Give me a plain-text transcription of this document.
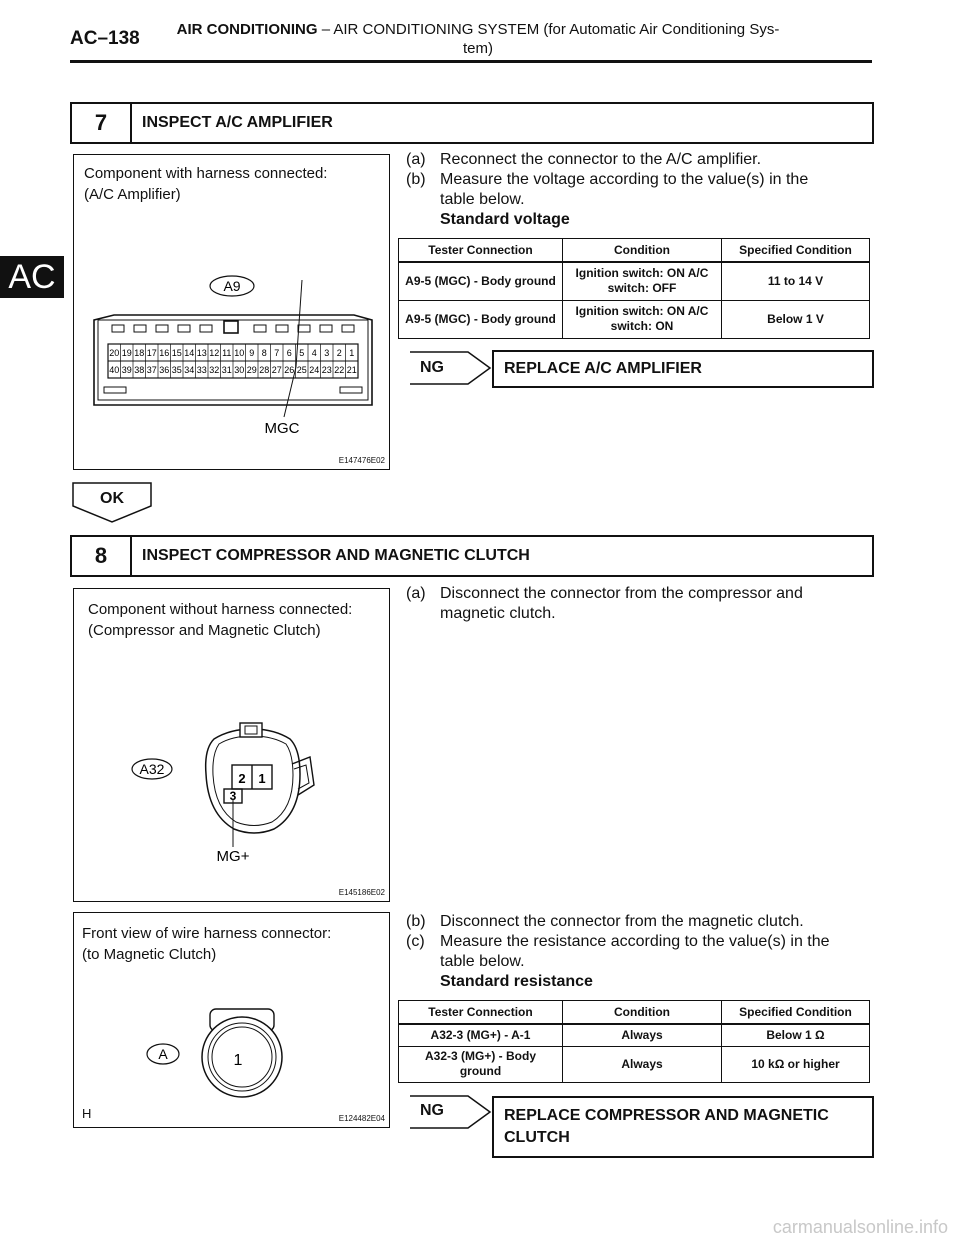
AC–138	AIR CONDITIONING – AIR CONDITIONING SYSTEM (for Automatic Air Conditioning Sys-
tem)
AC
7	INSPECT A/C AMPLIFIER
Component with harness connected:
(A/C Amplifier)
A9
20 19 18 17 16 15 14 13 12 11 10 9 8 7 6 5 4 3 2 1
40 39 38 37 36 35 34 33 32 31 30 29 28 27 26 25 24 23 22 21
MGC
E147476E02
(a) Reconnect the connector to the A/C amplifier.
(b) Measure the voltage according to the value(s) in the
table below.
Standard voltage
Tester Connection	Condition	Specified Condition
A9-5 (MGC) - Body ground	Ignition switch: ON A/C switch: OFF	11 to 14 V
A9-5 (MGC) - Body ground	Ignition switch: ON A/C switch: ON	Below 1 V
NG	REPLACE A/C AMPLIFIER
OK
8	INSPECT COMPRESSOR AND MAGNETIC CLUTCH
Component without harness connected:
(Compressor and Magnetic Clutch)
A32
2 1
3
MG+
E145186E02
(a) Disconnect the connector from the compressor and
magnetic clutch.
Front view of wire harness connector:
(to Magnetic Clutch)
A	1
H	E124482E04
(b) Disconnect the connector from the magnetic clutch.
(c) Measure the resistance according to the value(s) in the
table below.
Standard resistance
Tester Connection	Condition	Specified Condition
A32-3 (MG+) - A-1	Always	Below 1 Ω
A32-3 (MG+) - Body ground	Always	10 kΩ or higher
NG	REPLACE COMPRESSOR AND MAGNETIC
CLUTCH
carmanualsonline.info
